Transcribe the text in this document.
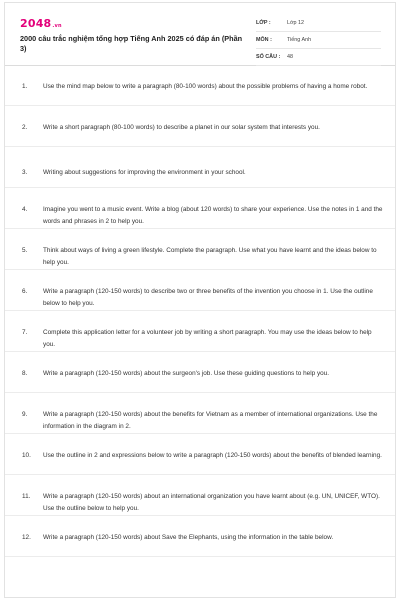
2048.vn
2000 câu trắc nghiệm tổng hợp Tiếng Anh 2025 có đáp án (Phần 3)
LỚP :	Lớp 12
MÔN :	Tiếng Anh
SỐ CÂU : 48
1.	Use the mind map below to write a paragraph (80-100 words) about the possible problems of having a home robot.
2.	Write a short paragraph (80-100 words) to describe a planet in our solar system that interests you.
3.	Writing about suggestions for improving the environment in your school.
4.	Imagine you went to a music event. Write a blog (about 120 words) to share your experience. Use the notes in 1 and the words and phrases in 2 to help you.
5.	Think about ways of living a green lifestyle. Complete the paragraph. Use what you have learnt and the ideas below to help you.
6.	Write a paragraph (120-150 words) to describe two or three benefits of the invention you choose in 1. Use the outline below to help you.
7.	Complete this application letter for a volunteer job by writing a short paragraph. You may use the ideas below to help you.
8.	Write a paragraph (120-150 words) about the surgeon's job. Use these guiding questions to help you.
9.	Write a paragraph (120-150 words) about the benefits for Vietnam as a member of international organizations. Use the information in the diagram in 2.
10.	Use the outline in 2 and expressions below to write a paragraph (120-150 words) about the benefits of blended learning.
11.	Write a paragraph (120-150 words) about an international organization you have learnt about (e.g. UN, UNICEF, WTO). Use the outline below to help you.
12.	Write a paragraph (120-150 words) about Save the Elephants, using the information in the table below.
